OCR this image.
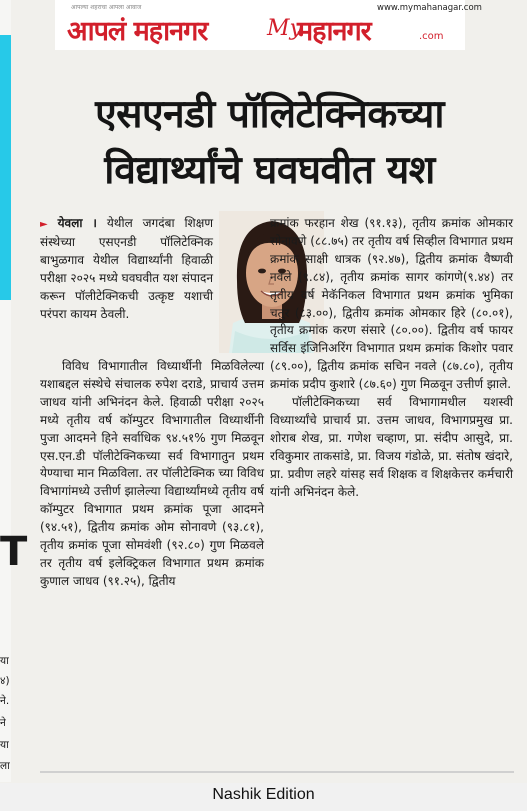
T
या
४)
ने.
ने
या
ला
आपल्या शहराचा आपला आवाज	www.mymahanagar.com
आपलं महानगर	My
महानगर	.com
एसएनडी पॉलिटेक्निकच्या
विद्यार्थ्यांचे घवघवीत यश

► येवला । येथील जगदंबा शिक्षण संस्थेच्या एसएनडी पॉलिटेक्निक बाभुळगाव येथील विद्यार्थ्यांनी हिवाळी परीक्षा २०२५ मध्ये घवघवीत यश संपादन करून पॉलीटेक्निकची उत्कृष्ट यशाची परंपरा कायम ठेवली.

विविध विभागातील विध्यार्थीनी मिळविलेल्या यशाबद्दल संस्थेचे संचालक रुपेश दराडे, प्राचार्य उत्तम जाधव यांनी अभिनंदन केले. हिवाळी परीक्षा २०२५ मध्ये तृतीय वर्ष कॉम्पुटर विभागातील विध्यार्थीनी पुजा आदमने हिने सर्वाधिक ९४.५१% गुण मिळवून एस.एन.डी पॉलीटेक्निकच्या सर्व विभागातुन प्रथम येण्याचा मान मिळविला. तर पॉलीटेक्निक च्या विविध विभागांमध्ये उत्तीर्ण झालेल्या विद्यार्थ्यांमध्ये तृतीय वर्ष कॉम्पुटर विभागात प्रथम क्रमांक पूजा आदमने (९४.५१), द्वितीय क्रमांक ओम सोनावणे (९३.८१), तृतीय क्रमांक पूजा सोमवंशी (९२.८०) गुण मिळवले तर तृतीय वर्ष इलेक्ट्रिकल विभागात प्रथम क्रमांक कुणाल जाधव (९१.२५), द्वितीय

क्रमांक फरहान शेख (९१.१३), तृतीय क्रमांक ओमकार सोनावणे (८८.७५) तर तृतीय वर्ष सिव्हील विभागात प्रथम क्रमांक साक्षी धात्रक (९२.४७), द्वितीय क्रमांक वैष्णवी नवले (९.८४), तृतीय क्रमांक सागर कांगणे(९.४४) तर तृतीय वर्ष मेकॅनिकल विभागात प्रथम क्रमांक भुमिका चतुर (८३.००), द्वितीय क्रमांक ओमकार हिरे (८०.०१), तृतीय क्रमांक करण संसारे (८०.००). द्वितीय वर्ष फायर सर्विस इंजिनिअरिंग विभागात प्रथम क्रमांक किशोर पवार (८९.००), द्वितीय क्रमांक सचिन नवले (८७.८०), तृतीय क्रमांक प्रदीप कुशारे (८७.६०) गुण मिळवून उत्तीर्ण झाले.

पॉलीटेक्निकच्या सर्व विभागामधील यशस्वी विध्यार्थ्यांचे प्राचार्य प्रा. उत्तम जाधव, विभागप्रमुख प्रा. शोराब शेख, प्रा. गणेश चव्हाण, प्रा. संदीप आसुदे, प्रा. रविकुमार ताकसांडे, प्रा. विजय गंडोळे, प्रा. संतोष खंदारे, प्रा. प्रवीण लहरे यांसह सर्व शिक्षक व शिक्षकेत्तर कर्मचारी यांनी अभिनंदन केले.

Nashik Edition
